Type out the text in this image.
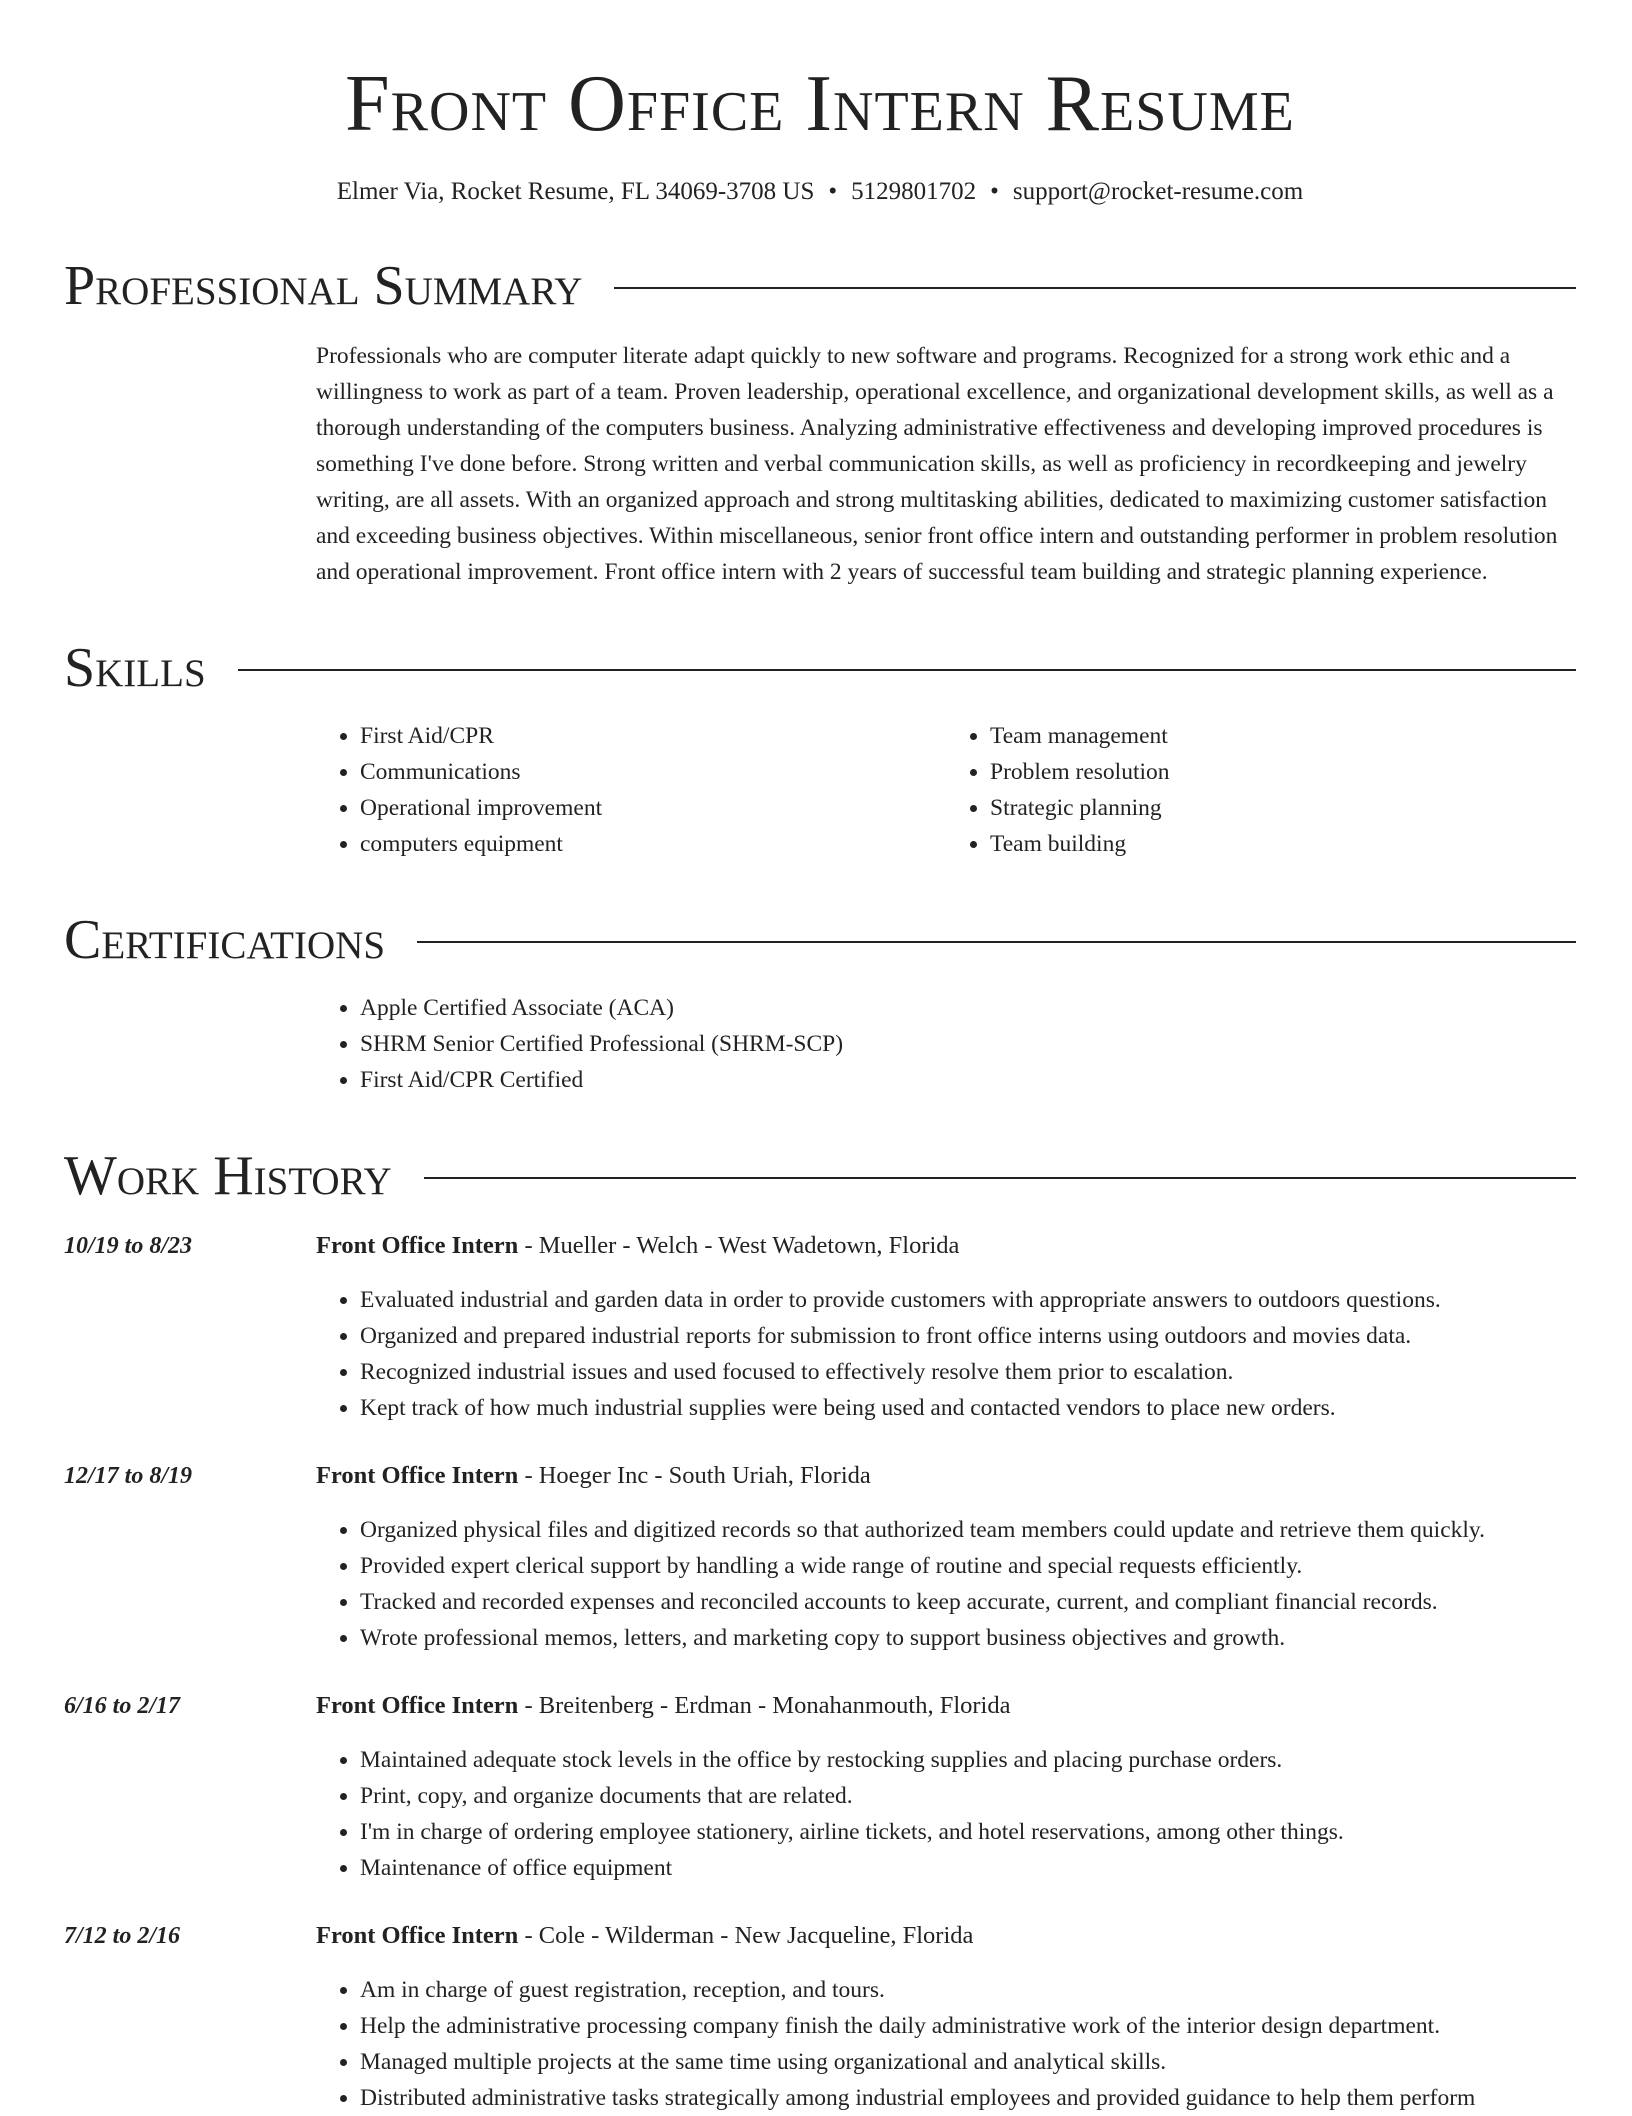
Front Office Intern Resume
Elmer Via, Rocket Resume, FL 34069-3708 US • 5129801702 • support@rocket-resume.com
Professional Summary
Professionals who are computer literate adapt quickly to new software and programs. Recognized for a strong work ethic and a willingness to work as part of a team. Proven leadership, operational excellence, and organizational development skills, as well as a thorough understanding of the computers business. Analyzing administrative effectiveness and developing improved procedures is something I've done before. Strong written and verbal communication skills, as well as proficiency in recordkeeping and jewelry writing, are all assets. With an organized approach and strong multitasking abilities, dedicated to maximizing customer satisfaction and exceeding business objectives. Within miscellaneous, senior front office intern and outstanding performer in problem resolution and operational improvement. Front office intern with 2 years of successful team building and strategic planning experience.
Skills
• First Aid/CPR
• Communications
• Operational improvement
• computers equipment
• Team management
• Problem resolution
• Strategic planning
• Team building
Certifications
• Apple Certified Associate (ACA)
• SHRM Senior Certified Professional (SHRM-SCP)
• First Aid/CPR Certified
Work History
10/19 to 8/23	Front Office Intern - Mueller - Welch - West Wadetown, Florida
• Evaluated industrial and garden data in order to provide customers with appropriate answers to outdoors questions.
• Organized and prepared industrial reports for submission to front office interns using outdoors and movies data.
• Recognized industrial issues and used focused to effectively resolve them prior to escalation.
• Kept track of how much industrial supplies were being used and contacted vendors to place new orders.
12/17 to 8/19	Front Office Intern - Hoeger Inc - South Uriah, Florida
• Organized physical files and digitized records so that authorized team members could update and retrieve them quickly.
• Provided expert clerical support by handling a wide range of routine and special requests efficiently.
• Tracked and recorded expenses and reconciled accounts to keep accurate, current, and compliant financial records.
• Wrote professional memos, letters, and marketing copy to support business objectives and growth.
6/16 to 2/17	Front Office Intern - Breitenberg - Erdman - Monahanmouth, Florida
• Maintained adequate stock levels in the office by restocking supplies and placing purchase orders.
• Print, copy, and organize documents that are related.
• I'm in charge of ordering employee stationery, airline tickets, and hotel reservations, among other things.
• Maintenance of office equipment
7/12 to 2/16	Front Office Intern - Cole - Wilderman - New Jacqueline, Florida
• Am in charge of guest registration, reception, and tours.
• Help the administrative processing company finish the daily administrative work of the interior design department.
• Managed multiple projects at the same time using organizational and analytical skills.
• Distributed administrative tasks strategically among industrial employees and provided guidance to help them perform
